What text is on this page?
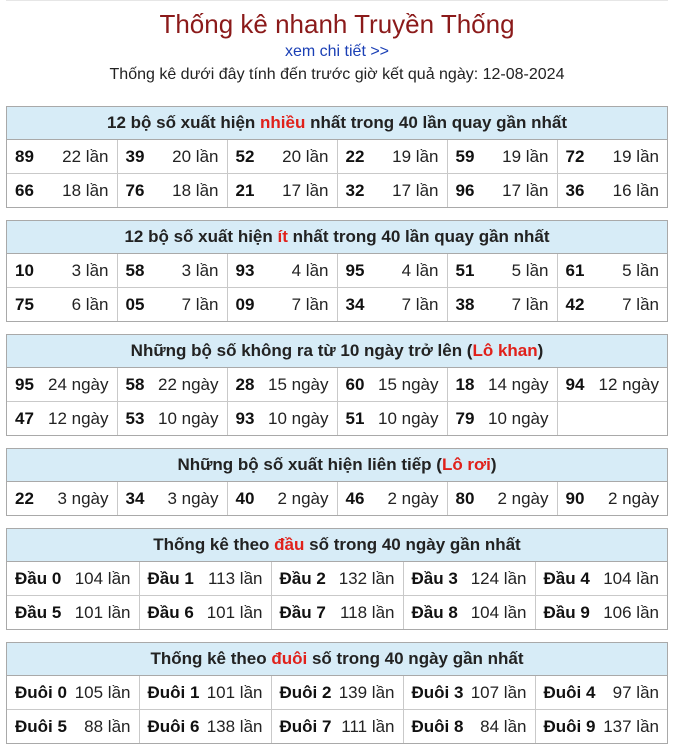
Thống kê nhanh Truyền Thống
xem chi tiết >>
Thống kê dưới đây tính đến trước giờ kết quả ngày: 12-08-2024
12 bộ số xuất hiện nhiều nhất trong 40 lần quay gần nhất
89 22 lần	39 20 lần	52 20 lần	22 19 lần	59 19 lần	72 19 lần

66 18 lần	76 18 lần	21 17 lần	32 17 lần	96 17 lần	36 16 lần
12 bộ số xuất hiện ít nhất trong 40 lần quay gần nhất
10 3 lần	58 3 lần	93 4 lần	95 4 lần	51 5 lần	61 5 lần

75 6 lần	05 7 lần	09 7 lần	34 7 lần	38 7 lần	42 7 lần
Những bộ số không ra từ 10 ngày trở lên (Lô khan)
95 24 ngày	58 22 ngày	28 15 ngày	60 15 ngày	18 14 ngày	94 12 ngày

47 12 ngày	53 10 ngày	93 10 ngày	51 10 ngày	79 10 ngày	

Những bộ số xuất hiện liên tiếp (Lô rơi)
22 3 ngày	34 3 ngày	40 2 ngày	46 2 ngày	80 2 ngày	90 2 ngày
Thống kê theo đầu số trong 40 ngày gần nhất
Đầu 0 104 lần	Đầu 1 113 lần	Đầu 2 132 lần	Đầu 3 124 lần	Đầu 4 104 lần

Đầu 5 101 lần	Đầu 6 101 lần	Đầu 7 118 lần	Đầu 8 104 lần	Đầu 9 106 lần
Thống kê theo đuôi số trong 40 ngày gần nhất
Đuôi 0 105 lần	Đuôi 1 101 lần	Đuôi 2 139 lần	Đuôi 3 107 lần	Đuôi 4 97 lần

Đuôi 5 88 lần	Đuôi 6 138 lần	Đuôi 7 111 lần	Đuôi 8 84 lần	Đuôi 9 137 lần
